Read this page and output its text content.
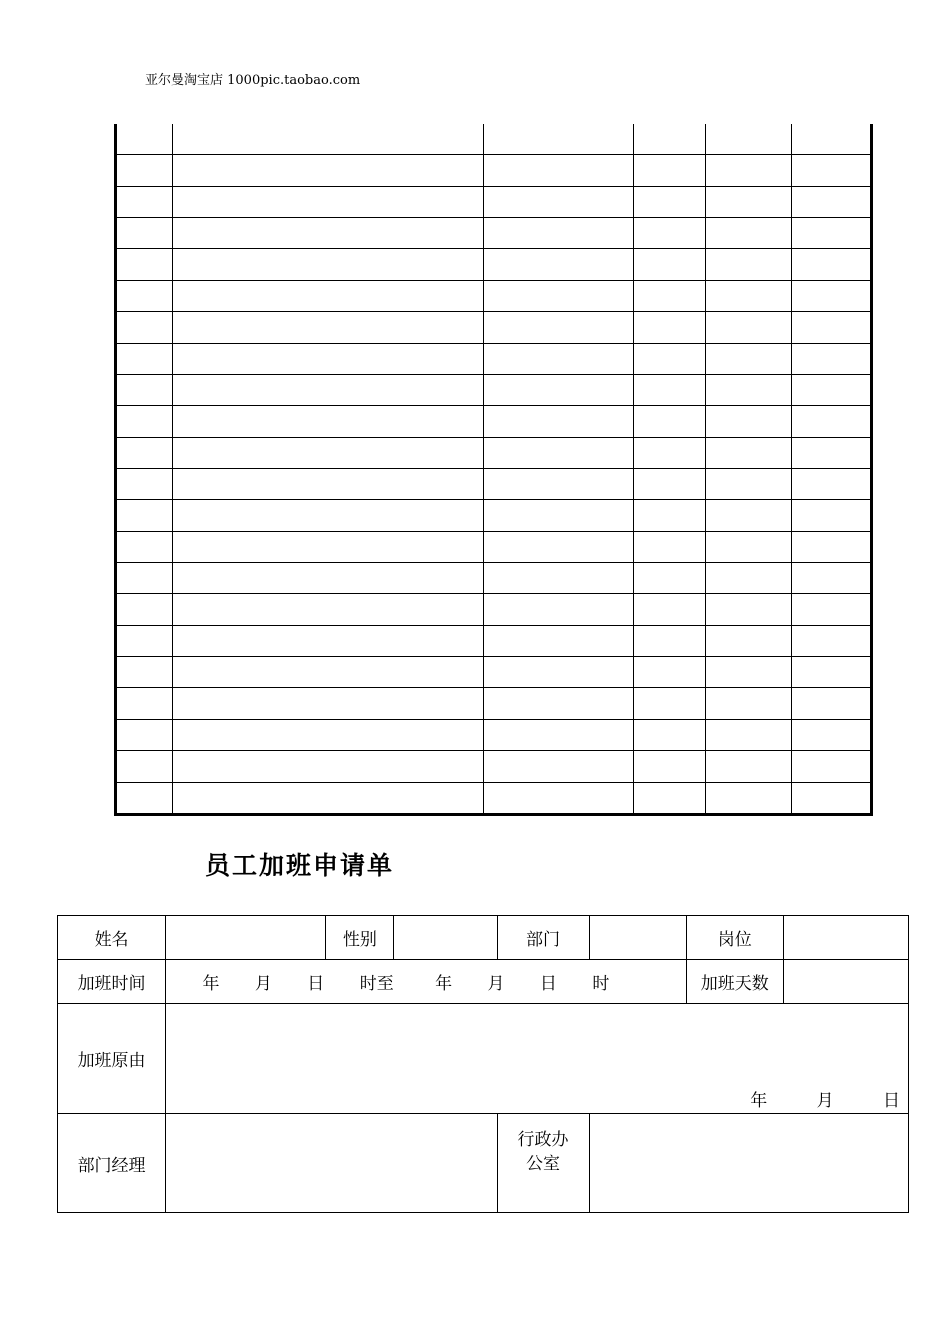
亚尔曼淘宝店 1000pic.taobao.com

员工加班申请单
姓名		性别		部门		岗位	
加班时间	年 月 日 时至 年 月 日 时					加班天数	
加班原由	年 月 日						

部门经理				行政办
公室			
